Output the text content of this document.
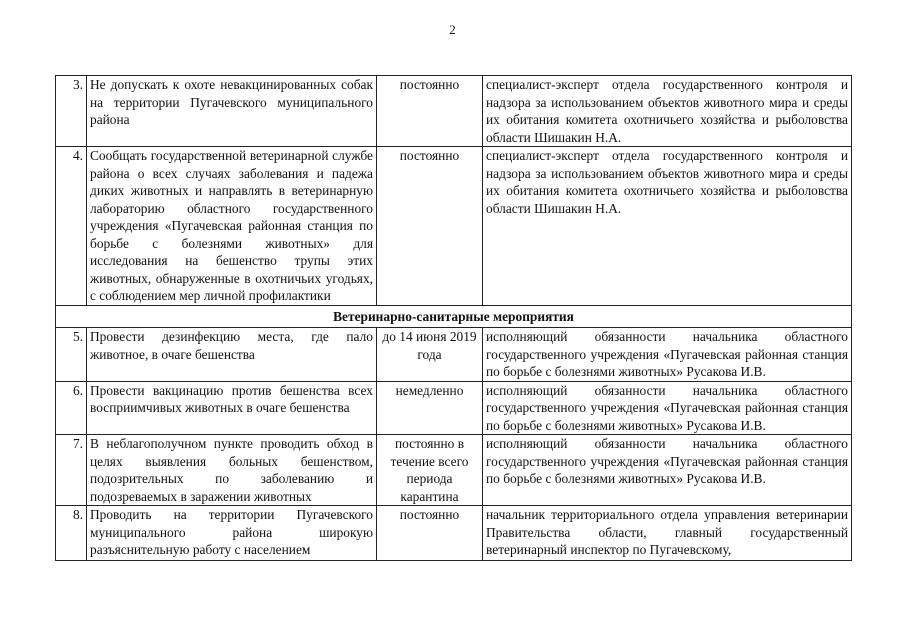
2
3.	Не допускать к охоте невакцинированных собак на территории Пугачевского муниципального района	постоянно	специалист-эксперт отдела государственного контроля и надзора за использованием объектов животного мира и среды их обитания комитета охотничьего хозяйства и рыболовства области Шишакин Н.А.
4.	Сообщать государственной ветеринарной службе района о всех случаях заболевания и падежа диких животных и направлять в ветеринарную лабораторию областного государственного учреждения «Пугачевская районная станция по борьбе с болезнями животных» для исследования на бешенство трупы этих животных, обнаруженные в охотничьих угодьях, с соблюдением мер личной профилактики	постоянно	специалист-эксперт отдела государственного контроля и надзора за использованием объектов животного мира и среды их обитания комитета охотничьего хозяйства и рыболовства области Шишакин Н.А.
Ветеринарно-санитарные мероприятия			
5.	Провести дезинфекцию места, где пало животное, в очаге бешенства	до 14 июня 2019 года	исполняющий обязанности начальника областного государственного учреждения «Пугачевская районная станция по борьбе с болезнями животных» Русакова И.В.
6.	Провести вакцинацию против бешенства всех восприимчивых животных в очаге бешенства	немедленно	исполняющий обязанности начальника областного государственного учреждения «Пугачевская районная станция по борьбе с болезнями животных» Русакова И.В.
7.	В неблагополучном пункте проводить обход в целях выявления больных бешенством, подозрительных по заболеванию и подозреваемых в заражении животных	постоянно в течение всего периода карантина	исполняющий обязанности начальника областного государственного учреждения «Пугачевская районная станция по борьбе с болезнями животных» Русакова И.В.
8.	Проводить на территории Пугачевского муниципального района широкую разъяснительную работу с населением	постоянно	начальник территориального отдела управления ветеринарии Правительства области, главный государственный ветеринарный инспектор по Пугачевскому,
